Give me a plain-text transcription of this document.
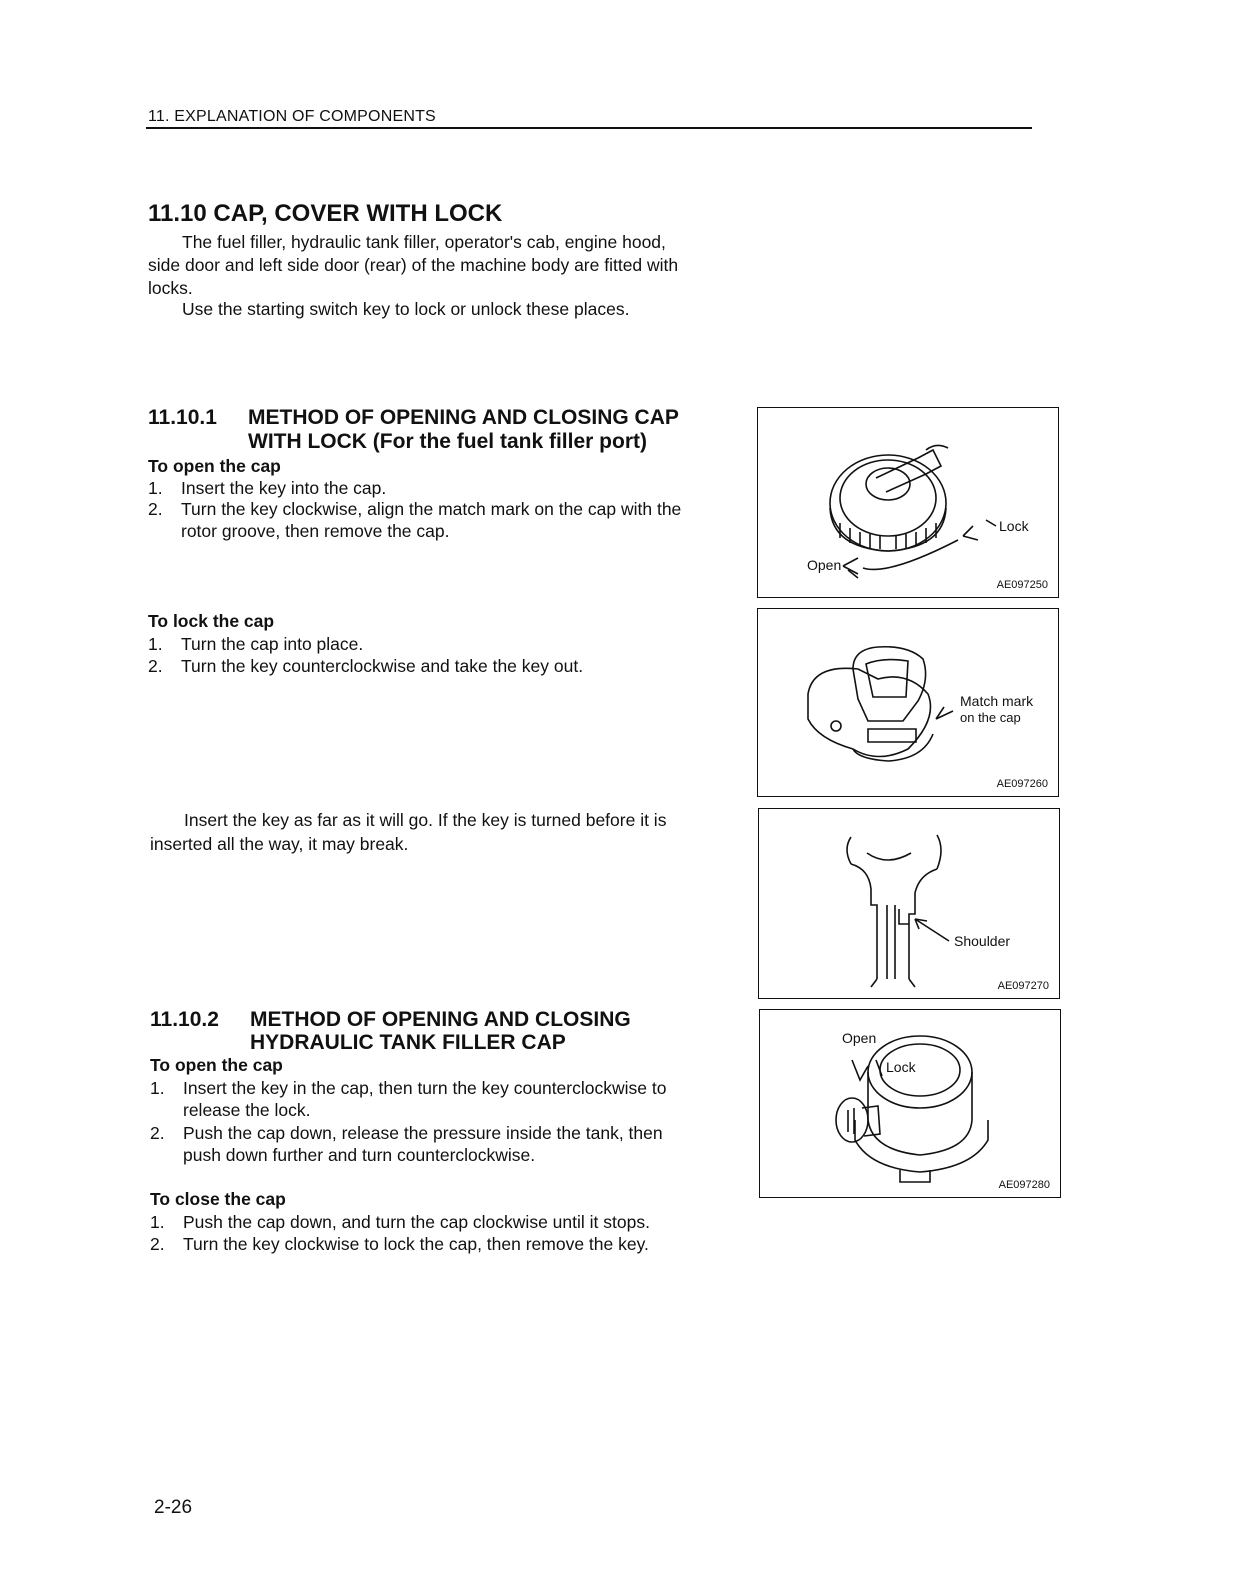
11. EXPLANATION OF COMPONENTS
11.10 CAP, COVER WITH LOCK
The fuel filler, hydraulic tank filler, operator's cab, engine hood,
side door and left side door (rear) of the machine body are fitted with
locks.
Use the starting switch key to lock or unlock these places.
11.10.1 METHOD OF OPENING AND CLOSING CAP
WITH LOCK (For the fuel tank filler port)
To open the cap
1. Insert the key into the cap.
2. Turn the key clockwise, align the match mark on the cap with the
rotor groove, then remove the cap.
To lock the cap
1. Turn the cap into place.
2. Turn the key counterclockwise and take the key out.
Insert the key as far as it will go. If the key is turned before it is
inserted all the way, it may break.
11.10.2 METHOD OF OPENING AND CLOSING
HYDRAULIC TANK FILLER CAP
To open the cap
1. Insert the key in the cap, then turn the key counterclockwise to
release the lock.
2. Push the cap down, release the pressure inside the tank, then
push down further and turn counterclockwise.
To close the cap
1. Push the cap down, and turn the cap clockwise until it stops.
2. Turn the key clockwise to lock the cap, then remove the key.
Lock
Open
AE097250
Match mark
on the cap
AE097260
Shoulder
AE097270
Open
Lock
AE097280
2-26
